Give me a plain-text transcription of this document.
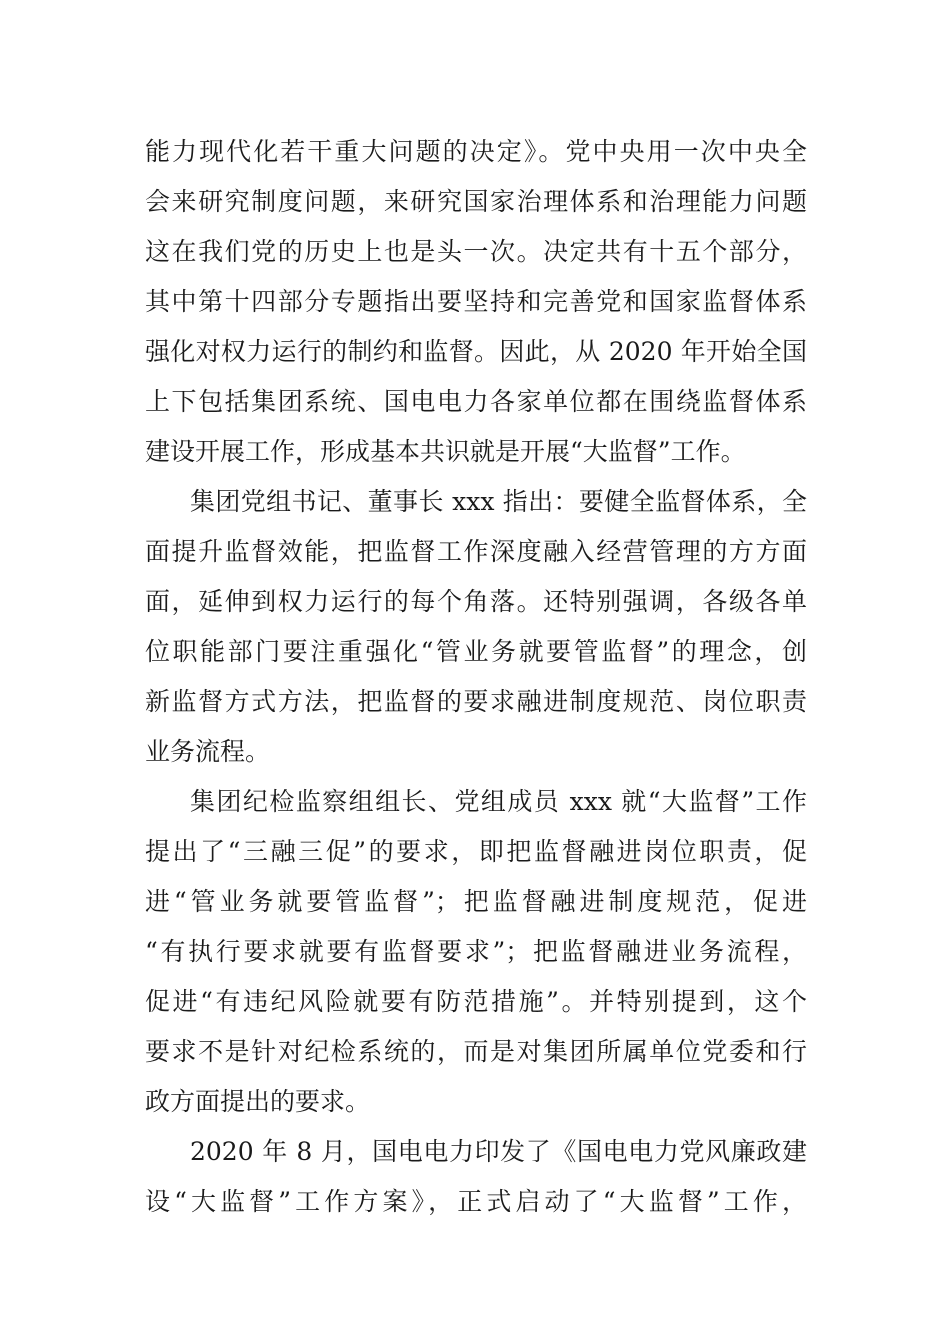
能力现代化若干重大问题的决定》。党中央用一次中央全
会来研究制度问题，来研究国家治理体系和治理能力问题
这在我们党的历史上也是头一次。决定共有十五个部分，
其中第十四部分专题指出要坚持和完善党和国家监督体系
强化对权力运行的制约和监督。因此，从 2020 年开始全国
上下包括集团系统、国电电力各家单位都在围绕监督体系
建设开展工作，形成基本共识就是开展“大监督”工作。
集团党组书记、董事长 xxx 指出：要健全监督体系，全
面提升监督效能，把监督工作深度融入经营管理的方方面
面，延伸到权力运行的每个角落。还特别强调，各级各单
位职能部门要注重强化“管业务就要管监督”的理念，创
新监督方式方法，把监督的要求融进制度规范、岗位职责
业务流程。
集团纪检监察组组长、党组成员 xxx 就“大监督”工作
提出了“三融三促”的要求，即把监督融进岗位职责，促
进“管业务就要管监督”；把监督融进制度规范，促进
“有执行要求就要有监督要求”；把监督融进业务流程，
促进“有违纪风险就要有防范措施”。并特别提到，这个
要求不是针对纪检系统的，而是对集团所属单位党委和行
政方面提出的要求。
2020 年 8 月，国电电力印发了《国电电力党风廉政建
设“大监督”工作方案》，正式启动了“大监督”工作，
